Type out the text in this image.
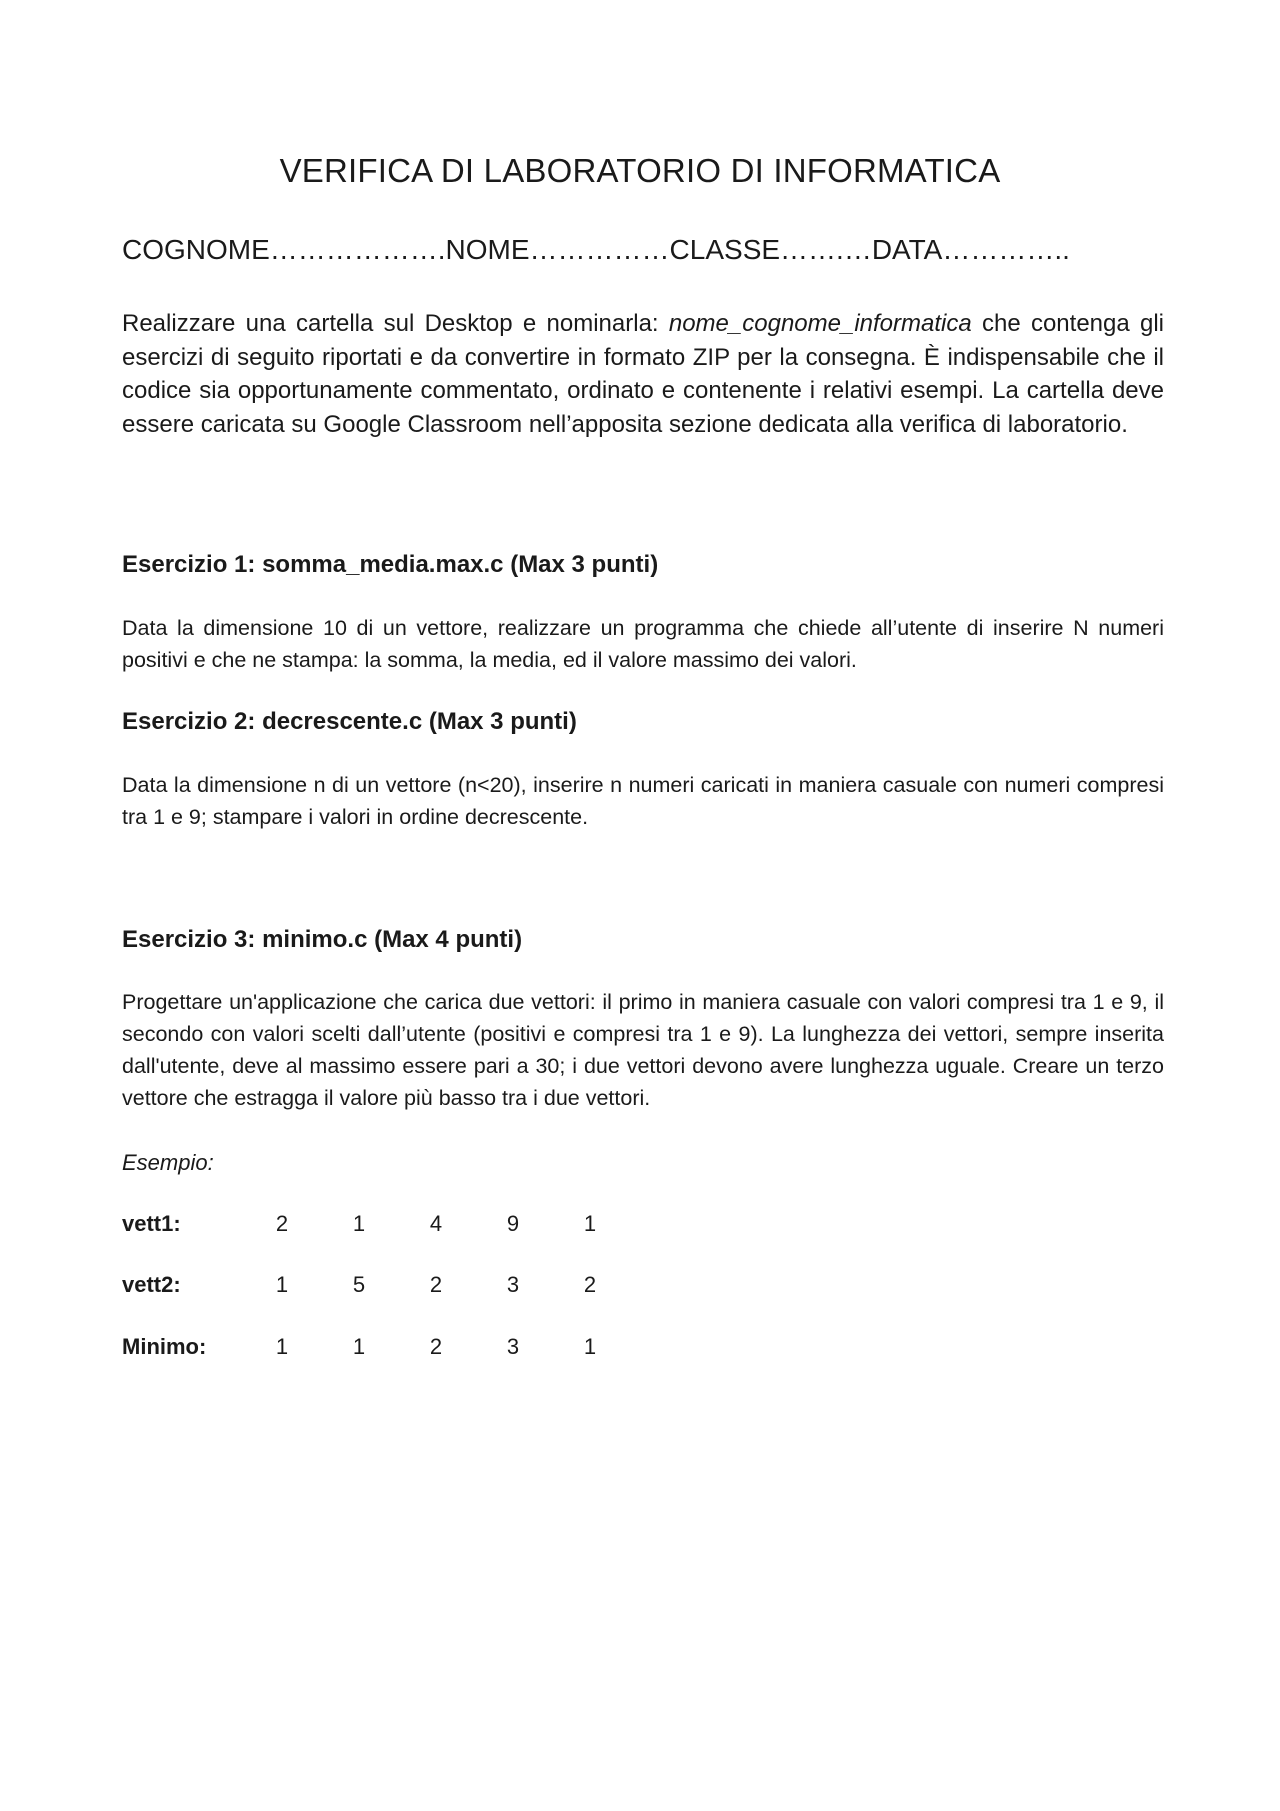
VERIFICA DI LABORATORIO DI INFORMATICA

COGNOME……………….NOME……………CLASSE…….…DATA…………..

Realizzare una cartella sul Desktop e nominarla: nome_cognome_informatica che contenga gli esercizi di seguito riportati e da convertire in formato ZIP per la consegna. È indispensabile che il codice sia opportunamente commentato, ordinato e contenente i relativi esempi. La cartella deve essere caricata su Google Classroom nell’apposita sezione dedicata alla verifica di laboratorio.

Esercizio 1: somma_media.max.c (Max 3 punti)

Data la dimensione 10 di un vettore, realizzare un programma che chiede all’utente di inserire N numeri positivi e che ne stampa: la somma, la media, ed il valore massimo dei valori.

Esercizio 2: decrescente.c (Max 3 punti)

Data la dimensione n di un vettore (n<20), inserire n numeri caricati in maniera casuale con numeri compresi tra 1 e 9; stampare i valori in ordine decrescente.

Esercizio 3: minimo.c (Max 4 punti)

Progettare un'applicazione che carica due vettori: il primo in maniera casuale con valori compresi tra 1 e 9, il secondo con valori scelti dall’utente (positivi e compresi tra 1 e 9). La lunghezza dei vettori, sempre inserita dall'utente, deve al massimo essere pari a 30; i due vettori devono avere lunghezza uguale. Creare un terzo vettore che estragga il valore più basso tra i due vettori.

Esempio:

vett1:	2	1	4	9	1
vett2:	1	5	2	3	2
Minimo:	1	1	2	3	1
